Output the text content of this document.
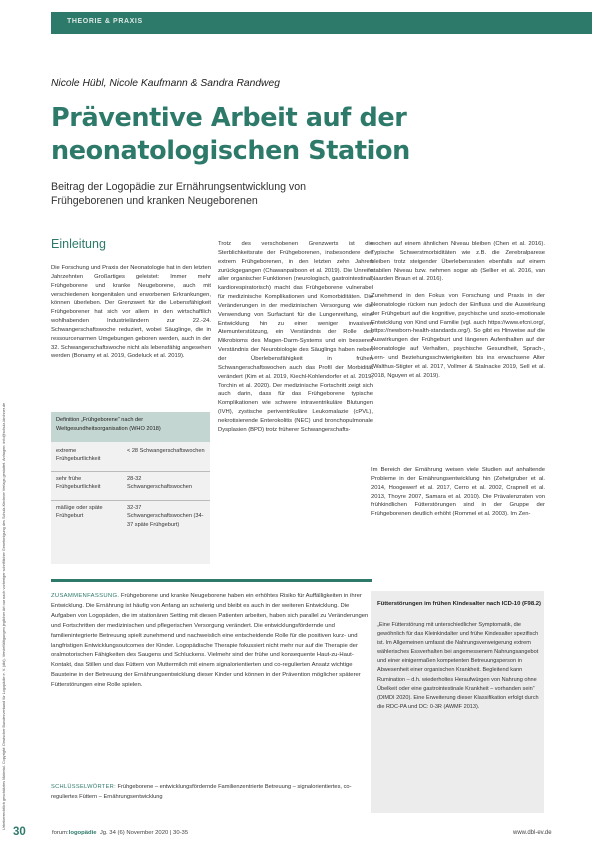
Urheberrechtlich geschütztes Material. Copyright: Deutscher Bundesverband für Logopädie e. V. (dbl). Vervielfältigungen jeglicher Art nur nach vorheriger schriftlicher Genehmigung des Schulz-Kirchner Verlags gestattet. Anfragen: info@schulz-kirchner.de
THEORIE & PRAXIS
Nicole Hübl, Nicole Kaufmann & Sandra Randweg
Präventive Arbeit auf der
neonatologischen Station
Beitrag der Logopädie zur Ernährungsentwicklung von
Frühgeborenen und kranken Neugeborenen
Einleitung
Die Forschung und Praxis der Neonatologie hat in den letzten Jahrzehnten Großartiges geleistet: Immer mehr Frühgeborene und kranke Neugeborene, auch mit verschiedenen kongenitalen und erworbenen Erkrankungen, können überleben. Der Grenzwert für die Lebensfähigkeit Frühgeborener hat sich vor allem in den wirtschaftlich wohlhabenden Industrieländern zur 22.-24. Schwangerschaftswoche reduziert, wobei Säuglinge, die in ressourcenarmen Umgebungen geboren werden, auch in der 32. Schwangerschaftswoche nicht als lebensfähig angesehen werden (Bonamy et al. 2019, Godeluck et al. 2019).
Definition „Frühgeborene“ nach der Weltgesundheitsorganisation (WHO 2018)
extreme Frühgeburtlichkeit
< 28 Schwangerschaftswochen
sehr frühe Frühgeburtlichkeit
28-32 Schwangerschaftswochen
mäßige oder späte Frühgeburt
32-37 Schwangerschaftswochen (34-37 späte Frühgeburt)
Trotz des verschobenen Grenzwerts ist die Sterblichkeitsrate der Frühgeborenen, insbesondere der extrem Frühgeborenen, in den letzten zehn Jahren zurückgegangen (Chawanpaiboon et al. 2019). Die Unreife aller organischer Funktionen (neurologisch, gastrointestinal, kardiorespiratorisch) macht das Frühgeborene vulnerabel für medizinische Komplikationen und Komorbiditäten. Die Veränderungen in der medizinischen Versorgung wie die Verwendung von Surfactant für die Lungenreifung, eine Entwicklung hin zu einer weniger invasiven Atemunterstützung, ein Verständnis der Rolle des Mikrobioms des Magen-Darm-Systems und ein besseres Verständnis der Neurobiologie des Säuglings haben neben der Überlebensfähigkeit in frühen Schwangerschaftswochen auch das Profil der Morbidität verändert (Kim et al. 2019, Kiechl-Kohlendorfer et al. 2019, Torchin et al. 2020). Der medizinische Fortschritt zeigt sich auch darin, dass für das Frühgeborene typische Komplikationen wie schwere intraventrikuläre Blutungen (IVH), zystische periventrikuläre Leukomalazie (cPVL), nekrotisierende Enterokolitis (NEC) und bronchopulmonale Dysplasien (BPD) trotz früherer Schwangerschafts-
wochen auf einem ähnlichen Niveau bleiben (Chen et al. 2016). Typische Schwerstmorbiditäten wie z.B. die Zerebralparese bleiben trotz steigender Überlebensraten ebenfalls auf einem stabilen Niveau bzw. nehmen sogar ab (Sellier et al. 2016, van Naarden Braun et al. 2016).
Zunehmend in den Fokus von Forschung und Praxis in der Neonatologie rücken nun jedoch der Einfluss und die Auswirkung der Frühgeburt auf die kognitive, psychische und sozio-emotionale Entwicklung von Kind und Familie (vgl. auch https://www.efcni.org/, https://newborn-health-standards.org/). So gibt es Hinweise auf die Auswirkungen der Frühgeburt und längeren Aufenthalten auf der Neonatologie auf Verhalten, psychische Gesundheit, Sprach-, Lern- und Beziehungsschwierigkeiten bis ins erwachsene Alter (Walthus-Stigter et al. 2017, Vollmer & Stalnacke 2019, Sell et al. 2018, Nguyen et al. 2019).
Im Bereich der Ernährung weisen viele Studien auf anhaltende Probleme in der Ernährungsentwicklung hin (Zehetgruber et al. 2014, Hoogewerf et al. 2017, Cerro et al. 2002, Crapnell et al. 2013, Thoyre 2007, Samara et al. 2010). Die Prävalenzraten von frühkindlichen Fütterstörungen sind in der Gruppe der Frühgeborenen deutlich erhöht (Rommel et al. 2003). Im Zen-
ZUSAMMENFASSUNG. Frühgeborene und kranke Neugeborene haben ein erhöhtes Risiko für Auffälligkeiten in ihrer Entwicklung. Die Ernährung ist häufig von Anfang an schwierig und bleibt es auch in der weiteren Entwicklung. Die Aufgaben von Logopäden, die im stationären Setting mit diesen Patienten arbeiten, haben sich parallel zu Veränderungen und Fortschritten der medizinischen und pflegerischen Versorgung verändert. Die entwicklungsfördernde und familienintegrierte Betreuung spielt zunehmend und nachweislich eine entscheidende Rolle für die positiven kurz- und langfristigen Entwicklungsoutcomes der Kinder. Logopädische Therapie fokussiert nicht mehr nur auf die Therapie der oralmotorischen Fähigkeiten des Saugens und Schluckens. Vielmehr sind der frühe und konsequente Haut-zu-Haut-Kontakt, das Stillen und das Füttern von Muttermilch mit einem signalorientierten und co-regulierten Ansatz wichtige Bausteine in der Betreuung der Ernährungsentwicklung dieser Kinder und können in der Prävention möglicher späterer Fütterstörungen eine Rolle spielen.
SCHLÜSSELWÖRTER: Frühgeborene – entwicklungsfördernde Familienzentrierte Betreuung – signalorientiertes, co-reguliertes Füttern – Ernährungsentwicklung
Fütterstörungen im frühen Kindesalter nach ICD-10 (F98.2)
„Eine Fütterstörung mit unterschiedlicher Symptomatik, die gewöhnlich für das Kleinkindalter und frühe Kindesalter spezifisch ist. Im Allgemeinen umfasst die Nahrungsverweigerung extrem wählerisches Essverhalten bei angemessenem Nahrungsangebot und einer einigermaßen kompetenten Betreuungsperson in Abwesenheit einer organischen Krankheit. Begleitend kann Rumination – d.h. wiederholtes Heraufwürgen von Nahrung ohne Übelkeit oder eine gastrointestinale Krankheit – vorhanden sein“ (DIMDI 2020). Eine Erweiterung dieser Klassifikation erfolgt durch die RDC-PA und DC: 0-3R (AWMF 2013).
30	forum:logopädie Jg. 34 (6) November 2020 | 30-35	www.dbl-ev.de
